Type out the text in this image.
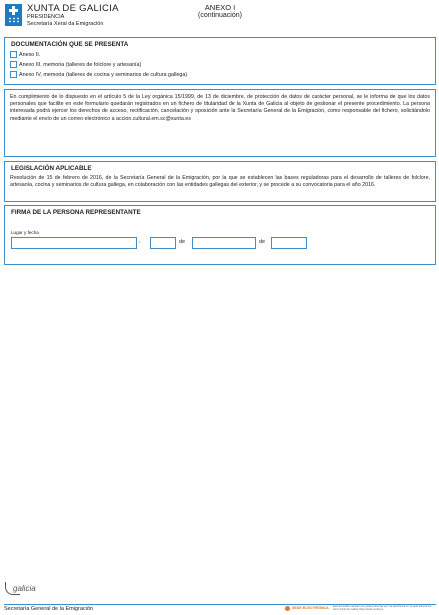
XUNTA DE GALICIA
PRESIDENCIA
Secretaría Xeral da Emigración
ANEXO I
(continuación)
DOCUMENTACIÓN QUE SE PRESENTA
Anexo II.
Anexo III, memoria (talleres de folclore y artesanía)
Anexo IV, memoria (talleres de cocina y seminarios de cultura gallega)
En cumplimiento de lo dispuesto en el artículo 5 de la Ley orgánica 15/1999, de 13 de diciembre, de protección de datos de carácter personal, se le informa de que los datos personales que facilite en este formulario quedarán registrados en un fichero de titularidad de la Xunta de Galicia al objeto de gestionar el presente procedimiento. La persona interesada podrá ejercer los derechos de acceso, rectificación, cancelación y oposición ante la Secretaría General de la Emigración, como responsable del fichero, solicitándolo mediante el envío de un correo electrónico a accion.cultural.em.sc@xunta.es
LEGISLACIÓN APLICABLE
Resolución de 15 de febrero de 2016, de la Secretaría General de la Emigración, por la que se establecen las bases reguladoras para el desarrollo de talleres de folclore, artesanía, cocina y seminarios de cultura gallega, en colaboración con las entidades gallegas del exterior, y se procede a su convocatoria para el año 2016.
FIRMA DE LA PERSONA REPRESENTANTE
Lugar y fecha
,	de	de
galicia
Secretaría General de la Emigración	SEDE ELECTRÓNICA Este formulario también se puede presentar por vía electrónica en la sede electrónica de la Xunta de Galicia https://sede.xunta.es
